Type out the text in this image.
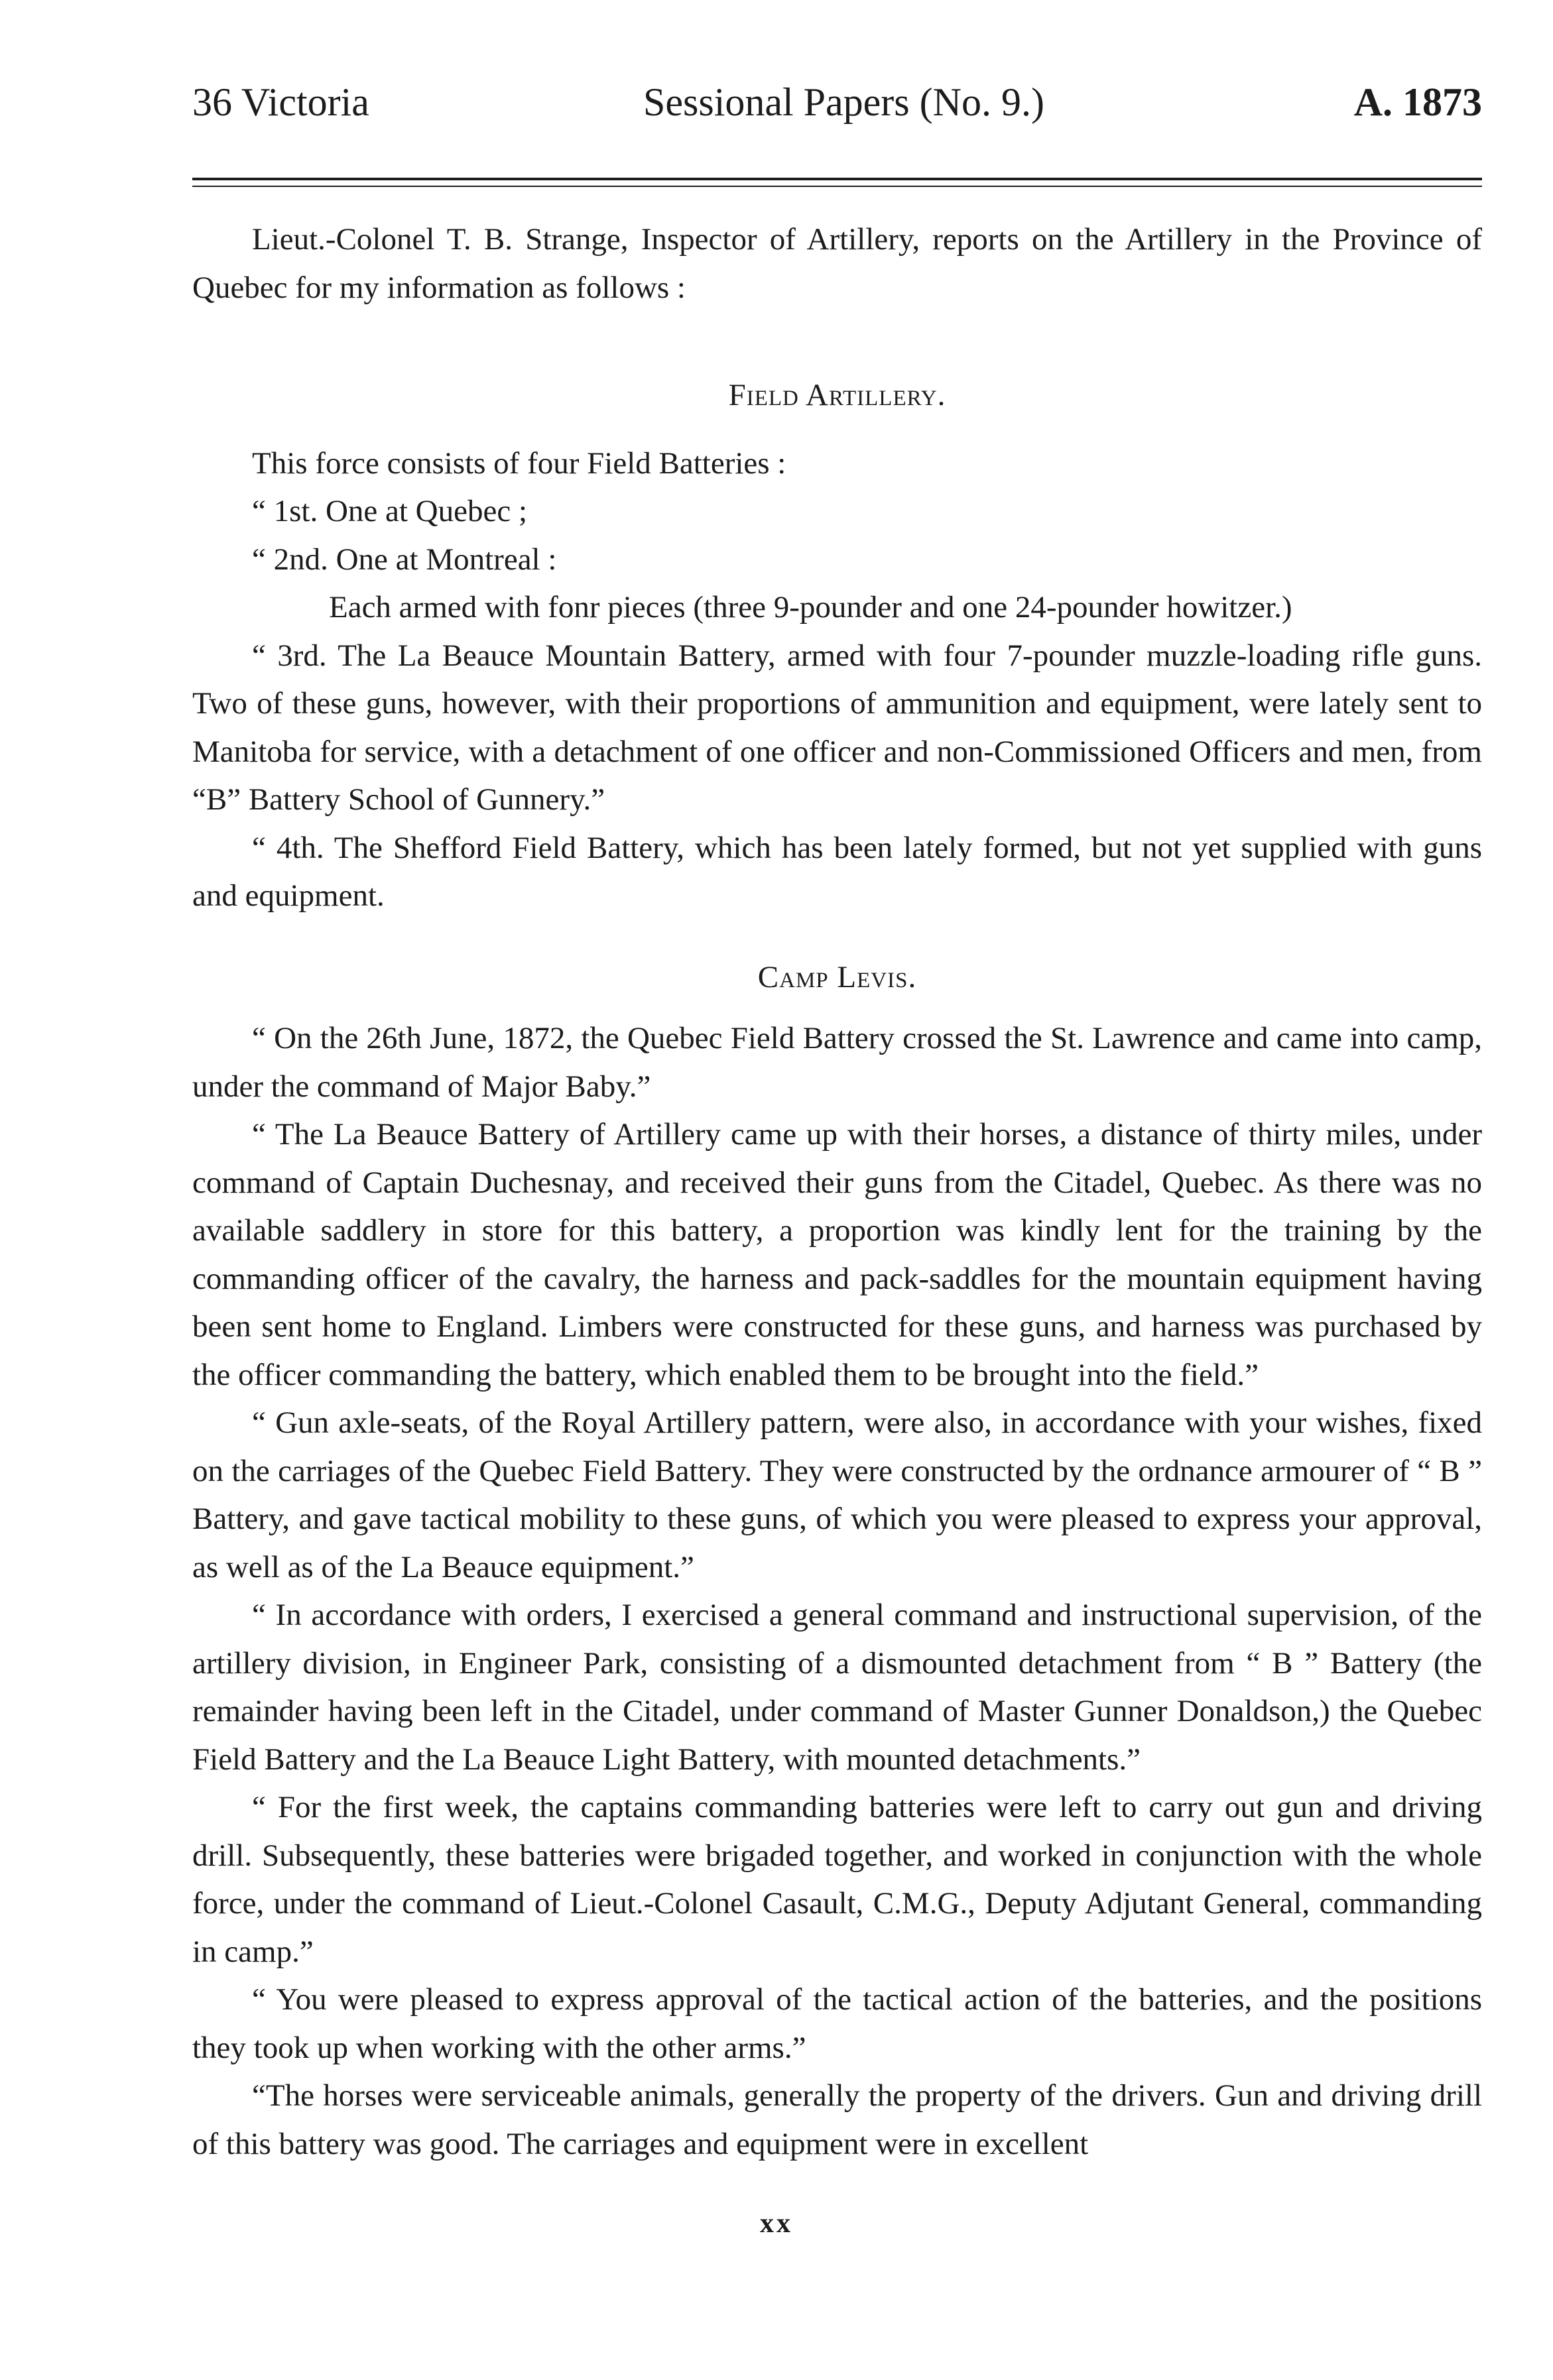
36 Victoria	Sessional Papers (No. 9.)	A. 1873

Lieut.-Colonel T. B. Strange, Inspector of Artillery, reports on the Artillery in the Province of Quebec for my information as follows :

Field Artillery.

This force consists of four Field Batteries :

“ 1st. One at Quebec ;

“ 2nd. One at Montreal :

Each armed with fonr pieces (three 9-pounder and one 24-pounder howitzer.)

“ 3rd. The La Beauce Mountain Battery, armed with four 7-pounder muzzle-loading rifle guns. Two of these guns, however, with their proportions of ammunition and equipment, were lately sent to Manitoba for service, with a detachment of one officer and non-Commissioned Officers and men, from “B” Battery School of Gunnery.”

“ 4th. The Shefford Field Battery, which has been lately formed, but not yet supplied with guns and equipment.

Camp Levis.

“ On the 26th June, 1872, the Quebec Field Battery crossed the St. Lawrence and came into camp, under the command of Major Baby.”

“ The La Beauce Battery of Artillery came up with their horses, a distance of thirty miles, under command of Captain Duchesnay, and received their guns from the Citadel, Quebec. As there was no available saddlery in store for this battery, a proportion was kindly lent for the training by the commanding officer of the cavalry, the harness and pack-saddles for the mountain equipment having been sent home to England. Limbers were constructed for these guns, and harness was purchased by the officer commanding the battery, which enabled them to be brought into the field.”

“ Gun axle-seats, of the Royal Artillery pattern, were also, in accordance with your wishes, fixed on the carriages of the Quebec Field Battery. They were constructed by the ordnance armourer of “ B ” Battery, and gave tactical mobility to these guns, of which you were pleased to express your approval, as well as of the La Beauce equipment.”

“ In accordance with orders, I exercised a general command and instructional supervision, of the artillery division, in Engineer Park, consisting of a dismounted detachment from “ B ” Battery (the remainder having been left in the Citadel, under command of Master Gunner Donaldson,) the Quebec Field Battery and the La Beauce Light Battery, with mounted detachments.”

“ For the first week, the captains commanding batteries were left to carry out gun and driving drill. Subsequently, these batteries were brigaded together, and worked in conjunction with the whole force, under the command of Lieut.-Colonel Casault, C.M.G., Deputy Adjutant General, commanding in camp.”

“ You were pleased to express approval of the tactical action of the batteries, and the positions they took up when working with the other arms.”

“The horses were serviceable animals, generally the property of the drivers. Gun and driving drill of this battery was good. The carriages and equipment were in excellent

xx
